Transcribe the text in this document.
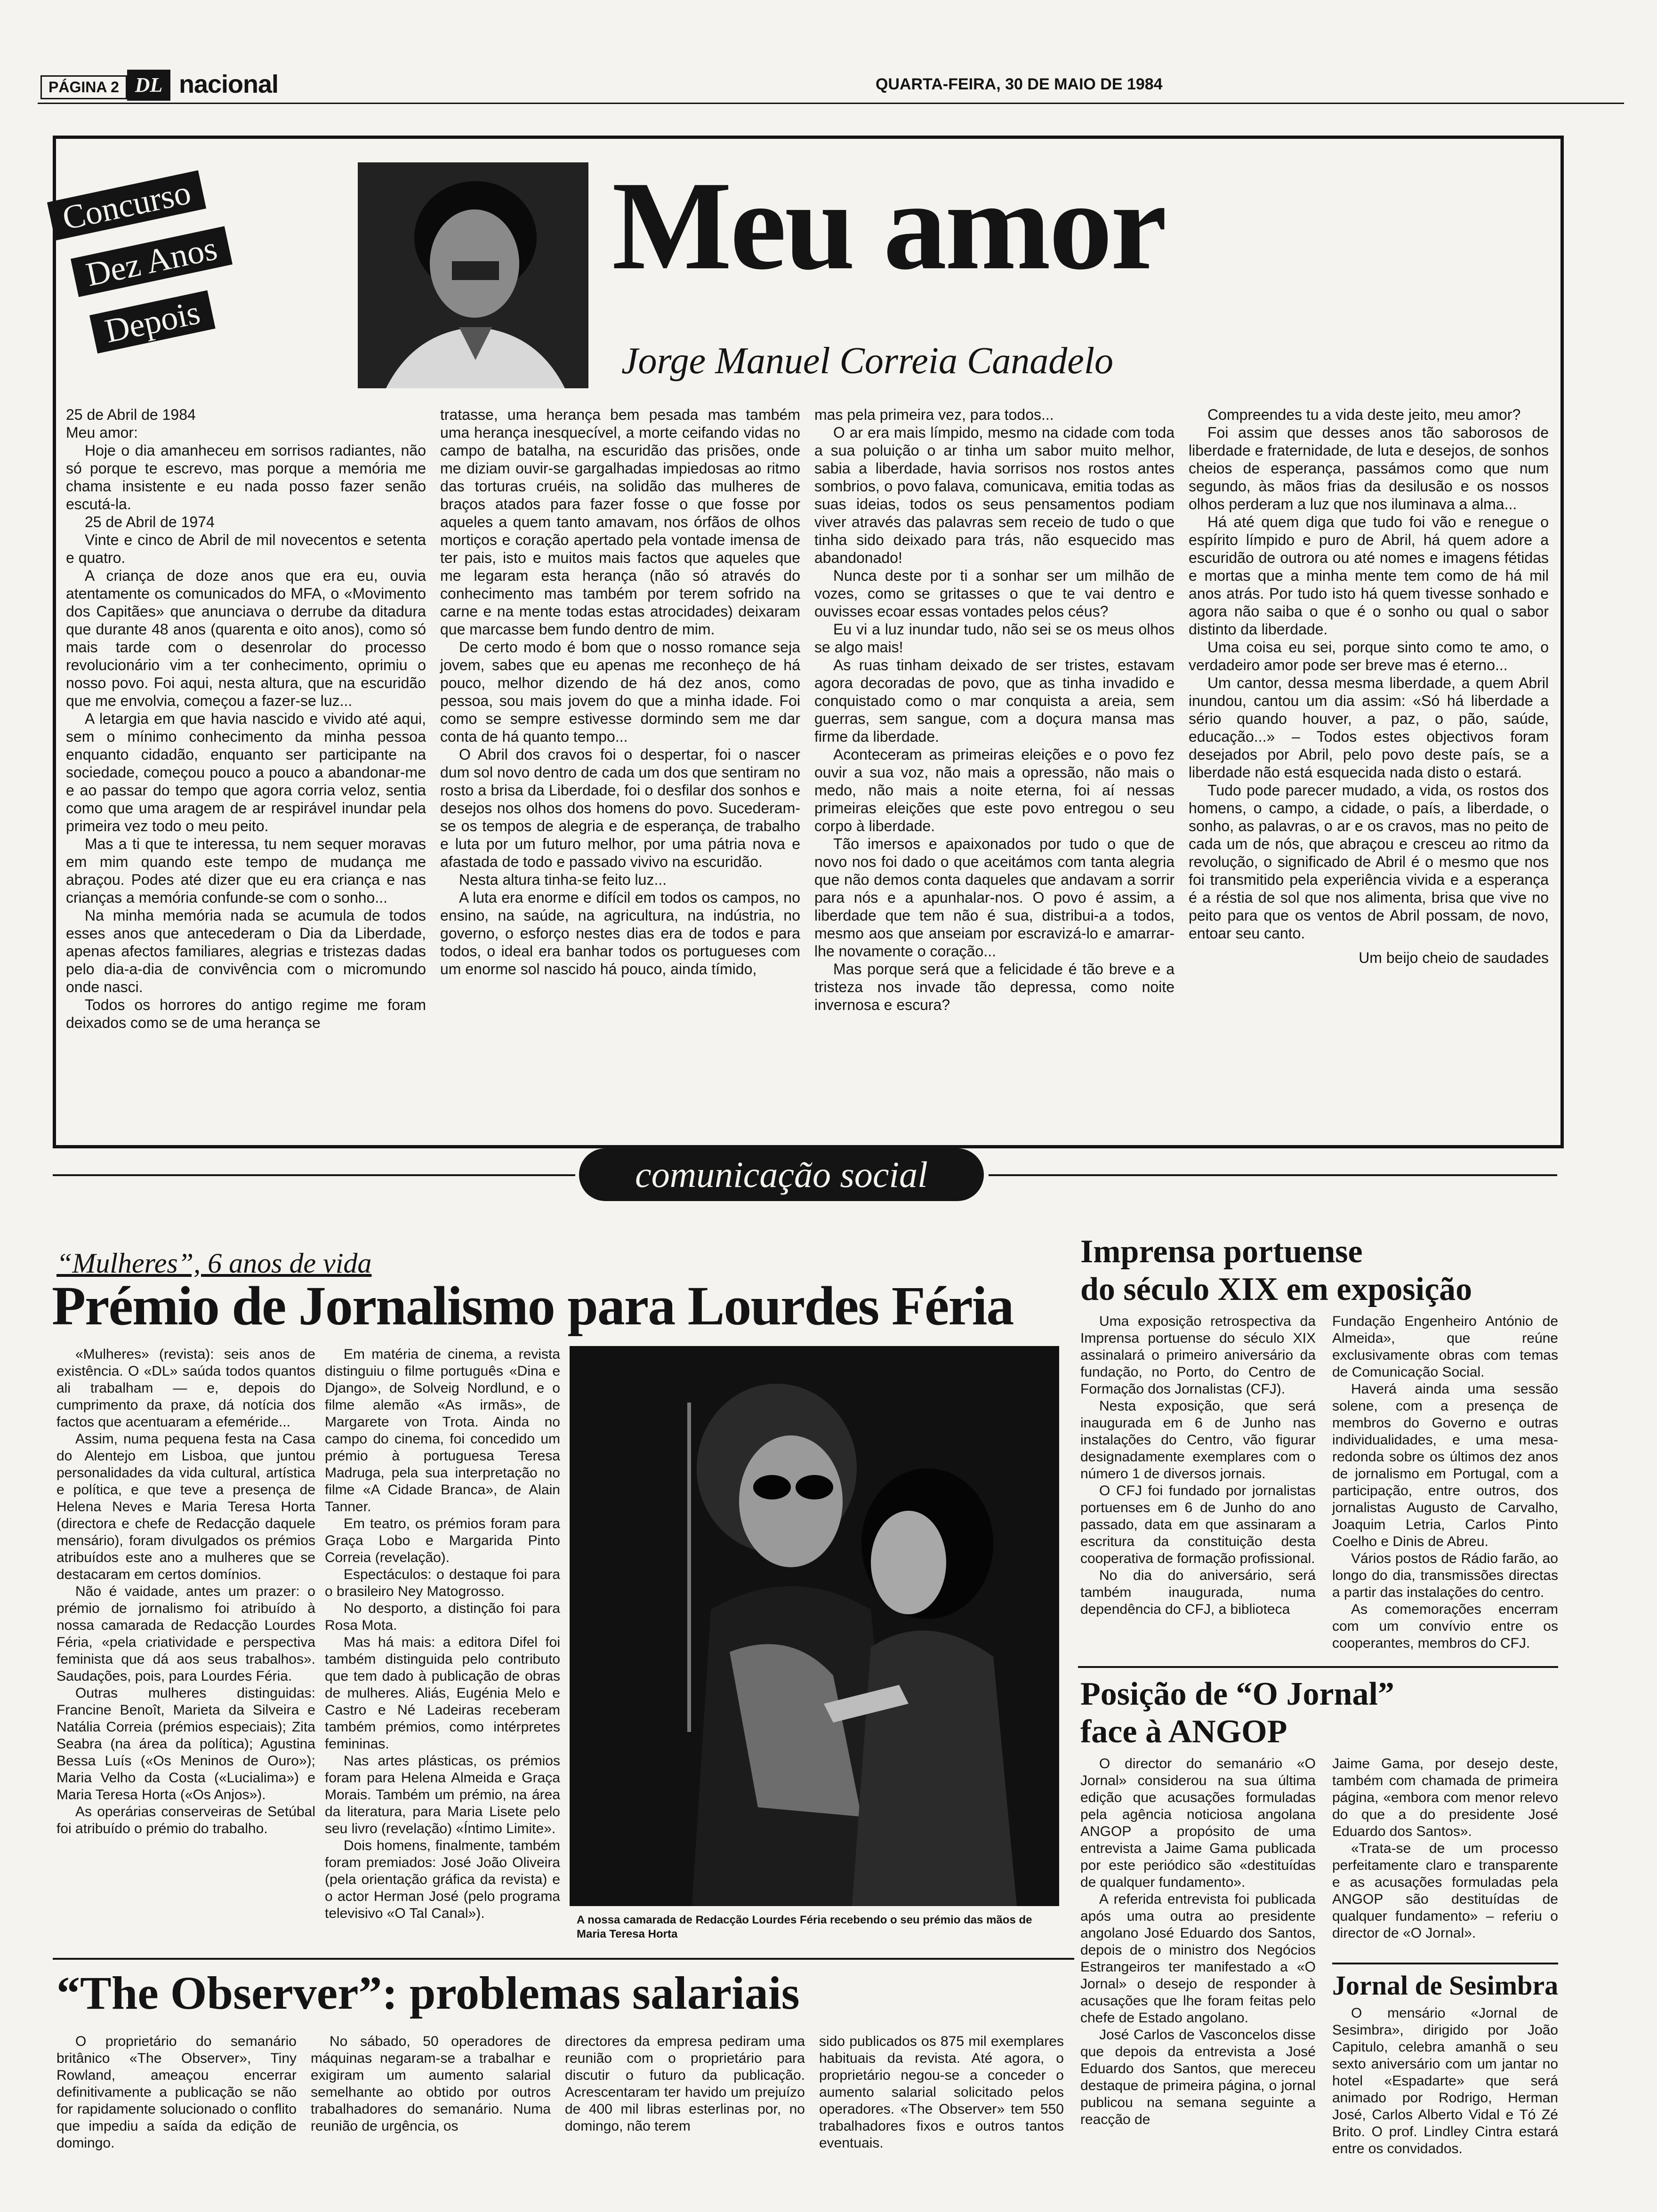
PÁGINA 2 DL nacional	QUARTA-FEIRA, 30 DE MAIO DE 1984
Concurso
Dez Anos
Depois
Meu amor
Jorge Manuel Correia Canadelo

25 de Abril de 1984

Meu amor:

Hoje o dia amanheceu em sorrisos radiantes, não só porque te escrevo, mas porque a memória me chama insistente e eu nada posso fazer senão escutá-la.

25 de Abril de 1974

Vinte e cinco de Abril de mil novecentos e setenta e quatro.

A criança de doze anos que era eu, ouvia atentamente os comunicados do MFA, o «Movimento dos Capitães» que anunciava o derrube da ditadura que durante 48 anos (quarenta e oito anos), como só mais tarde com o desenrolar do processo revolucionário vim a ter conhecimento, oprimiu o nosso povo. Foi aqui, nesta altura, que na escuridão que me envolvia, começou a fazer-se luz...

A letargia em que havia nascido e vivido até aqui, sem o mínimo conhecimento da minha pessoa enquanto cidadão, enquanto ser participante na sociedade, começou pouco a pouco a abandonar-me e ao passar do tempo que agora corria veloz, sentia como que uma aragem de ar respirável inundar pela primeira vez todo o meu peito.

Mas a ti que te interessa, tu nem sequer moravas em mim quando este tempo de mudança me abraçou. Podes até dizer que eu era criança e nas crianças a memória confunde-se com o sonho...

Na minha memória nada se acumula de todos esses anos que antecederam o Dia da Liberdade, apenas afectos familiares, alegrias e tristezas dadas pelo dia-a-dia de convivência com o micromundo onde nasci.

Todos os horrores do antigo regime me foram deixados como se de uma herança se

tratasse, uma herança bem pesada mas também uma herança inesquecível, a morte ceifando vidas no campo de batalha, na escuridão das prisões, onde me diziam ouvir-se gargalhadas impiedosas ao ritmo das torturas cruéis, na solidão das mulheres de braços atados para fazer fosse o que fosse por aqueles a quem tanto amavam, nos órfãos de olhos mortiços e coração apertado pela vontade imensa de ter pais, isto e muitos mais factos que aqueles que me legaram esta herança (não só através do conhecimento mas também por terem sofrido na carne e na mente todas estas atrocidades) deixaram que marcasse bem fundo dentro de mim.

De certo modo é bom que o nosso romance seja jovem, sabes que eu apenas me reconheço de há pouco, melhor dizendo de há dez anos, como pessoa, sou mais jovem do que a minha idade. Foi como se sempre estivesse dormindo sem me dar conta de há quanto tempo...

O Abril dos cravos foi o despertar, foi o nascer dum sol novo dentro de cada um dos que sentiram no rosto a brisa da Liberdade, foi o desfilar dos sonhos e desejos nos olhos dos homens do povo. Sucederam-se os tempos de alegria e de esperança, de trabalho e luta por um futuro melhor, por uma pátria nova e afastada de todo e passado vivivo na escuridão.

Nesta altura tinha-se feito luz...

A luta era enorme e difícil em todos os campos, no ensino, na saúde, na agricultura, na indústria, no governo, o esforço nestes dias era de todos e para todos, o ideal era banhar todos os portugueses com um enorme sol nascido há pouco, ainda tímido,

mas pela primeira vez, para todos...

O ar era mais límpido, mesmo na cidade com toda a sua poluição o ar tinha um sabor muito melhor, sabia a liberdade, havia sorrisos nos rostos antes sombrios, o povo falava, comunicava, emitia todas as suas ideias, todos os seus pensamentos podiam viver através das palavras sem receio de tudo o que tinha sido deixado para trás, não esquecido mas abandonado!

Nunca deste por ti a sonhar ser um milhão de vozes, como se gritasses o que te vai dentro e ouvisses ecoar essas vontades pelos céus?

Eu vi a luz inundar tudo, não sei se os meus olhos se algo mais!

As ruas tinham deixado de ser tristes, estavam agora decoradas de povo, que as tinha invadido e conquistado como o mar conquista a areia, sem guerras, sem sangue, com a doçura mansa mas firme da liberdade.

Aconteceram as primeiras eleições e o povo fez ouvir a sua voz, não mais a opressão, não mais o medo, não mais a noite eterna, foi aí nessas primeiras eleições que este povo entregou o seu corpo à liberdade.

Tão imersos e apaixonados por tudo o que de novo nos foi dado o que aceitámos com tanta alegria que não demos conta daqueles que andavam a sorrir para nós e a apunhalar-nos. O povo é assim, a liberdade que tem não é sua, distribui-a a todos, mesmo aos que anseiam por escravizá-lo e amarrar-lhe novamente o coração...

Mas porque será que a felicidade é tão breve e a tristeza nos invade tão depressa, como noite invernosa e escura?

Compreendes tu a vida deste jeito, meu amor?

Foi assim que desses anos tão saborosos de liberdade e fraternidade, de luta e desejos, de sonhos cheios de esperança, passámos como que num segundo, às mãos frias da desilusão e os nossos olhos perderam a luz que nos iluminava a alma...

Há até quem diga que tudo foi vão e renegue o espírito límpido e puro de Abril, há quem adore a escuridão de outrora ou até nomes e imagens fétidas e mortas que a minha mente tem como de há mil anos atrás. Por tudo isto há quem tivesse sonhado e agora não saiba o que é o sonho ou qual o sabor distinto da liberdade.

Uma coisa eu sei, porque sinto como te amo, o verdadeiro amor pode ser breve mas é eterno...

Um cantor, dessa mesma liberdade, a quem Abril inundou, cantou um dia assim: «Só há liberdade a sério quando houver, a paz, o pão, saúde, educação...» – Todos estes objectivos foram desejados por Abril, pelo povo deste país, se a liberdade não está esquecida nada disto o estará.

Tudo pode parecer mudado, a vida, os rostos dos homens, o campo, a cidade, o país, a liberdade, o sonho, as palavras, o ar e os cravos, mas no peito de cada um de nós, que abraçou e cresceu ao ritmo da revolução, o significado de Abril é o mesmo que nos foi transmitido pela experiência vivida e a esperança é a réstia de sol que nos alimenta, brisa que vive no peito para que os ventos de Abril possam, de novo, entoar seu canto.

Um beijo cheio de saudades

comunicação social
“Mulheres”, 6 anos de vida
Prémio de Jornalismo para Lourdes Féria

«Mulheres» (revista): seis anos de existência. O «DL» saúda todos quantos ali trabalham — e, depois do cumprimento da praxe, dá notícia dos factos que acentuaram a efeméride...

Assim, numa pequena festa na Casa do Alentejo em Lisboa, que juntou personalidades da vida cultural, artística e política, e que teve a presença de Helena Neves e Maria Teresa Horta (directora e chefe de Redacção daquele mensário), foram divulgados os prémios atribuídos este ano a mulheres que se destacaram em certos domínios.

Não é vaidade, antes um prazer: o prémio de jornalismo foi atribuído à nossa camarada de Redacção Lourdes Féria, «pela criatividade e perspectiva feminista que dá aos seus trabalhos». Saudações, pois, para Lourdes Féria.

Outras mulheres distinguidas: Francine Benoît, Marieta da Silveira e Natália Correia (prémios especiais); Zita Seabra (na área da política); Agustina Bessa Luís («Os Meninos de Ouro»); Maria Velho da Costa («Lucialima») e Maria Teresa Horta («Os Anjos»).

As operárias conserveiras de Setúbal foi atribuído o prémio do trabalho.

Em matéria de cinema, a revista distinguiu o filme português «Dina e Django», de Solveig Nordlund, e o filme alemão «As irmãs», de Margarete von Trota. Ainda no campo do cinema, foi concedido um prémio à portuguesa Teresa Madruga, pela sua interpretação no filme «A Cidade Branca», de Alain Tanner.

Em teatro, os prémios foram para Graça Lobo e Margarida Pinto Correia (revelação).

Espectáculos: o destaque foi para o brasileiro Ney Matogrosso.

No desporto, a distinção foi para Rosa Mota.

Mas há mais: a editora Difel foi também distinguida pelo contributo que tem dado à publicação de obras de mulheres. Aliás, Eugénia Melo e Castro e Né Ladeiras receberam também prémios, como intérpretes femininas.

Nas artes plásticas, os prémios foram para Helena Almeida e Graça Morais. Também um prémio, na área da literatura, para Maria Lisete pelo seu livro (revelação) «Íntimo Limite».

Dois homens, finalmente, também foram premiados: José João Oliveira (pela orientação gráfica da revista) e o actor Herman José (pelo programa televisivo «O Tal Canal»).	A nossa camarada de Redacção Lourdes Féria recebendo o seu prémio das mãos de Maria Teresa Horta
Imprensa portuense
do século XIX em exposição

Uma exposição retrospectiva da Imprensa portuense do século XIX assinalará o primeiro aniversário da fundação, no Porto, do Centro de Formação dos Jornalistas (CFJ).

Nesta exposição, que será inaugurada em 6 de Junho nas instalações do Centro, vão figurar designadamente exemplares com o número 1 de diversos jornais.

O CFJ foi fundado por jornalistas portuenses em 6 de Junho do ano passado, data em que assinaram a escritura da constituição desta cooperativa de formação profissional.

No dia do aniversário, será também inaugurada, numa dependência do CFJ, a biblioteca

Fundação Engenheiro António de Almeida», que reúne exclusivamente obras com temas de Comunicação Social.

Haverá ainda uma sessão solene, com a presença de membros do Governo e outras individualidades, e uma mesa-redonda sobre os últimos dez anos de jornalismo em Portugal, com a participação, entre outros, dos jornalistas Augusto de Carvalho, Joaquim Letria, Carlos Pinto Coelho e Dinis de Abreu.

Vários postos de Rádio farão, ao longo do dia, transmissões directas a partir das instalações do centro.

As comemorações encerram com um convívio entre os cooperantes, membros do CFJ.

Posição de “O Jornal”
face à ANGOP

O director do semanário «O Jornal» considerou na sua última edição que acusações formuladas pela agência noticiosa angolana ANGOP a propósito de uma entrevista a Jaime Gama publicada por este periódico são «destituídas de qualquer fundamento».

A referida entrevista foi publicada após uma outra ao presidente angolano José Eduardo dos Santos, depois de o ministro dos Negócios Estrangeiros ter manifestado a «O Jornal» o desejo de responder à acusações que lhe foram feitas pelo chefe de Estado angolano.

José Carlos de Vasconcelos disse que depois da entrevista a José Eduardo dos Santos, que mereceu destaque de primeira página, o jornal publicou na semana seguinte a reacção de

Jaime Gama, por desejo deste, também com chamada de primeira página, «embora com menor relevo do que a do presidente José Eduardo dos Santos».

«Trata-se de um processo perfeitamente claro e transparente e as acusações formuladas pela ANGOP são destituídas de qualquer fundamento» – referiu o director de «O Jornal».

Jornal de Sesimbra

O mensário «Jornal de Sesimbra», dirigido por João Capitulo, celebra amanhã o seu sexto aniversário com um jantar no hotel «Espadarte» que será animado por Rodrigo, Herman José, Carlos Alberto Vidal e Tó Zé Brito. O prof. Lindley Cintra estará entre os convidados.

“The Observer”: problemas salariais

O proprietário do semanário britânico «The Observer», Tiny Rowland, ameaçou encerrar definitivamente a publicação se não for rapidamente solucionado o conflito que impediu a saída da edição de domingo.

No sábado, 50 operadores de máquinas negaram-se a trabalhar e exigiram um aumento salarial semelhante ao obtido por outros trabalhadores do semanário. Numa reunião de urgência, os

directores da empresa pediram uma reunião com o proprietário para discutir o futuro da publicação. Acrescentaram ter havido um prejuízo de 400 mil libras esterlinas por, no domingo, não terem

sido publicados os 875 mil exemplares habituais da revista. Até agora, o proprietário negou-se a conceder o aumento salarial solicitado pelos operadores. «The Observer» tem 550 trabalhadores fixos e outros tantos eventuais.
